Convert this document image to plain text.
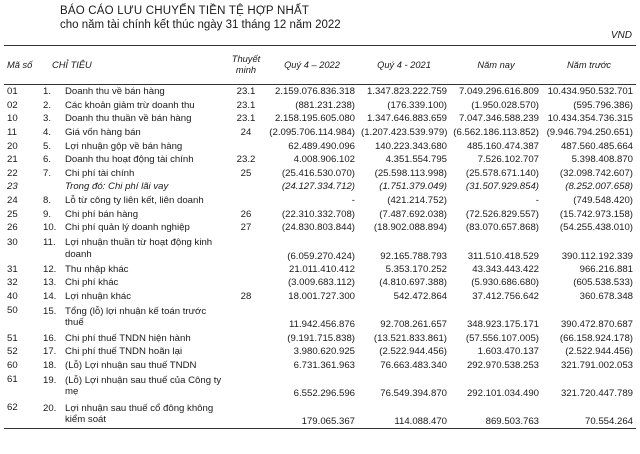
BÁO CÁO LƯU CHUYỂN TIỀN TỆ HỢP NHẤT
cho năm tài chính kết thúc ngày 31 tháng 12 năm 2022
VND
Mã số	CHỈ TIÊU	Thuyết minh	Quý 4 – 2022	Quý 4 - 2021	Năm nay	Năm trước
01	1. Doanh thu về bán hàng	23.1	2.159.076.836.318	1.347.823.222.759	7.049.296.616.809	10.434.950.532.701
02	2. Các khoản giảm trừ doanh thu	23.1	(881.231.238)	(176.339.100)	(1.950.028.570)	(595.796.386)
10	3. Doanh thu thuần về bán hàng	23.1	2.158.195.605.080	1.347.646.883.659	7.047.346.588.239	10.434.354.736.315
11	4. Giá vốn hàng bán	24	(2.095.706.114.984)	(1.207.423.539.979)	(6.562.186.113.852)	(9.946.794.250.651)
20	5. Lợi nhuận gộp về bán hàng		62.489.490.096	140.223.343.680	485.160.474.387	487.560.485.664
21	6. Doanh thu hoạt động tài chính	23.2	4.008.906.102	4.351.554.795	7.526.102.707	5.398.408.870
22	7. Chi phí tài chính	25	(25.416.530.070)	(25.598.113.998)	(25.578.671.140)	(32.098.742.607)
23	Trong đó: Chi phí lãi vay		(24.127.334.712)	(1.751.379.049)	(31.507.929.854)	(8.252.007.658)
24	8. Lỗ từ công ty liên kết, liên doanh		-	(421.214.752)	-	(749.548.420)
25	9. Chi phí bán hàng	26	(22.310.332.708)	(7.487.692.038)	(72.526.829.557)	(15.742.973.158)
26	10. Chi phí quản lý doanh nghiệp	27	(24.830.803.844)	(18.902.088.894)	(83.070.657.868)	(54.255.438.010)
30	11. Lợi nhuận thuần từ hoạt động kinh doanh		(6.059.270.424)	92.165.788.793	311.510.418.529	390.112.192.339
31	12. Thu nhập khác		21.011.410.412	5.353.170.252	43.343.443.422	966.216.881
32	13. Chi phí khác		(3.009.683.112)	(4.810.697.388)	(5.930.686.680)	(605.538.533)
40	14. Lợi nhuận khác	28	18.001.727.300	542.472.864	37.412.756.642	360.678.348
50	15. Tổng (lỗ) lợi nhuận kế toán trước thuế		11.942.456.876	92.708.261.657	348.923.175.171	390.472.870.687
51	16. Chi phí thuế TNDN hiện hành		(9.191.715.838)	(13.521.833.861)	(57.556.107.005)	(66.158.924.178)
52	17. Chi phí thuế TNDN hoãn lại		3.980.620.925	(2.522.944.456)	1.603.470.137	(2.522.944.456)
60	18. (Lỗ) Lợi nhuận sau thuế TNDN		6.731.361.963	76.663.483.340	292.970.538.253	321.791.002.053
61	19. (Lỗ) Lợi nhuận sau thuế của Công ty mẹ		6.552.296.596	76.549.394.870	292.101.034.490	321.720.447.789
62	20. Lợi nhuận sau thuế cổ đông không kiểm soát		179.065.367	114.088.470	869.503.763	70.554.264
